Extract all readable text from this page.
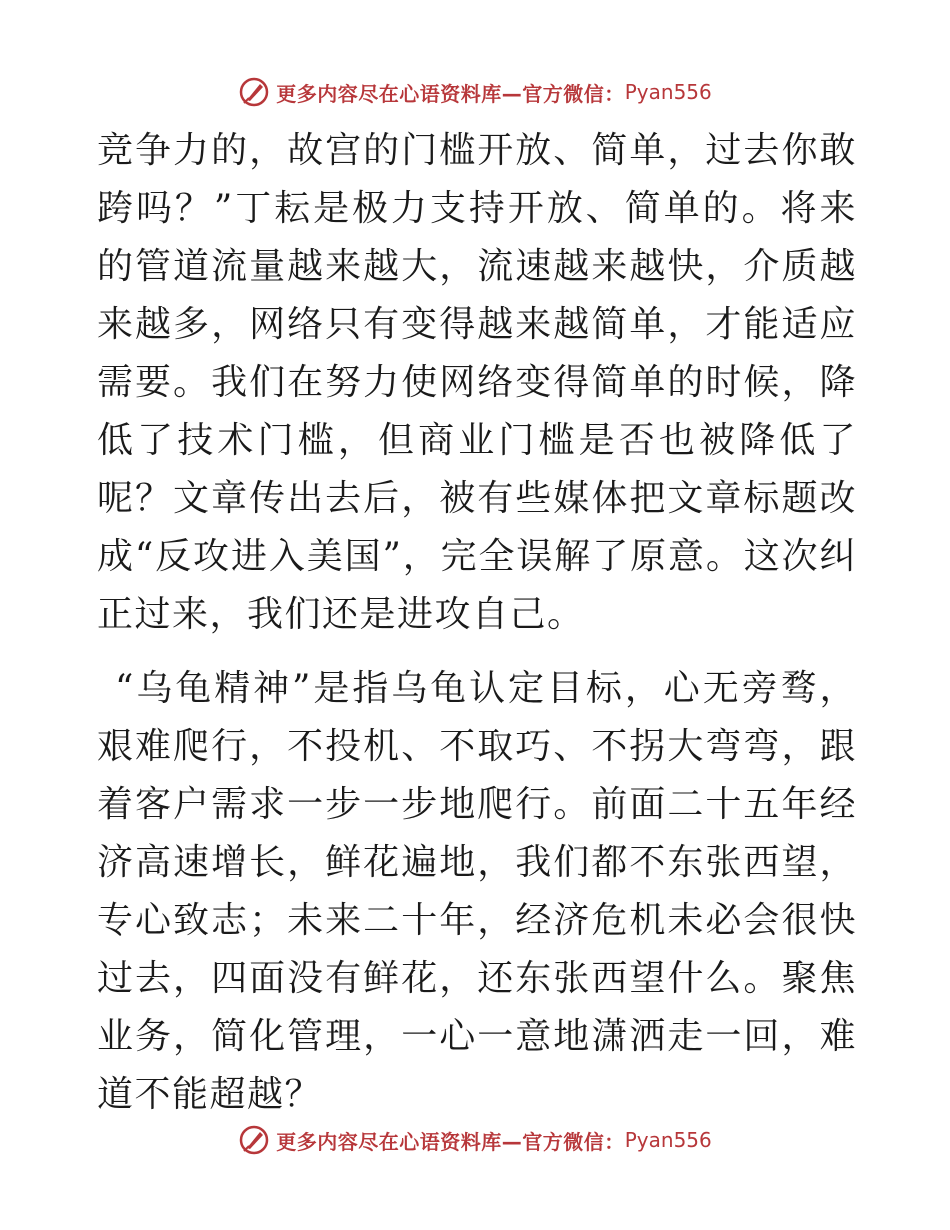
更多内容尽在心语资料库—官方微信： Pyan556

竞争力的，故宫的门槛开放、简单，过去你敢跨吗？”丁耘是极力支持开放、简单的。将来的管道流量越来越大，流速越来越快，介质越来越多，网络只有变得越来越简单，才能适应需要。我们在努力使网络变得简单的时候，降低了技术门槛，但商业门槛是否也被降低了呢？文章传出去后，被有些媒体把文章标题改成“反攻进入美国”，完全误解了原意。这次纠正过来，我们还是进攻自己。

“乌龟精神”是指乌龟认定目标，心无旁骛，艰难爬行，不投机、不取巧、不拐大弯弯，跟着客户需求一步一步地爬行。前面二十五年经济高速增长，鲜花遍地，我们都不东张西望，专心致志；未来二十年，经济危机未必会很快过去，四面没有鲜花，还东张西望什么。聚焦业务，简化管理，一心一意地潇洒走一回，难道不能超越？

更多内容尽在心语资料库—官方微信： Pyan556
